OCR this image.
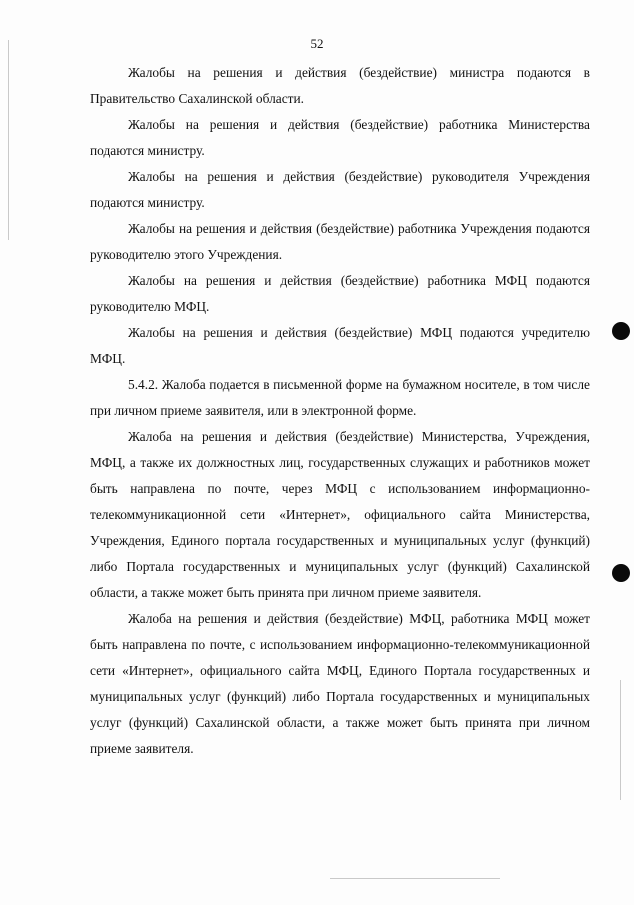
52

Жалобы на решения и действия (бездействие) министра подаются в Правительство Сахалинской области.

Жалобы на решения и действия (бездействие) работника Министерства подаются министру.

Жалобы на решения и действия (бездействие) руководителя Учреждения подаются министру.

Жалобы на решения и действия (бездействие) работника Учреждения подаются руководителю этого Учреждения.

Жалобы на решения и действия (бездействие) работника МФЦ подаются руководителю МФЦ.

Жалобы на решения и действия (бездействие) МФЦ подаются учредителю МФЦ.

5.4.2. Жалоба подается в письменной форме на бумажном носителе, в том числе при личном приеме заявителя, или в электронной форме.

Жалоба на решения и действия (бездействие) Министерства, Учреждения, МФЦ, а также их должностных лиц, государственных служащих и работников может быть направлена по почте, через МФЦ с использованием информационно-телекоммуникационной сети «Интернет», официального сайта Министерства, Учреждения, Единого портала государственных и муниципальных услуг (функций) либо Портала государственных и муниципальных услуг (функций) Сахалинской области, а также может быть принята при личном приеме заявителя.

Жалоба на решения и действия (бездействие) МФЦ, работника МФЦ может быть направлена по почте, с использованием информационно-телекоммуникационной сети «Интернет», официального сайта МФЦ, Единого Портала государственных и муниципальных услуг (функций) либо Портала государственных и муниципальных услуг (функций) Сахалинской области, а также может быть принята при личном приеме заявителя.
